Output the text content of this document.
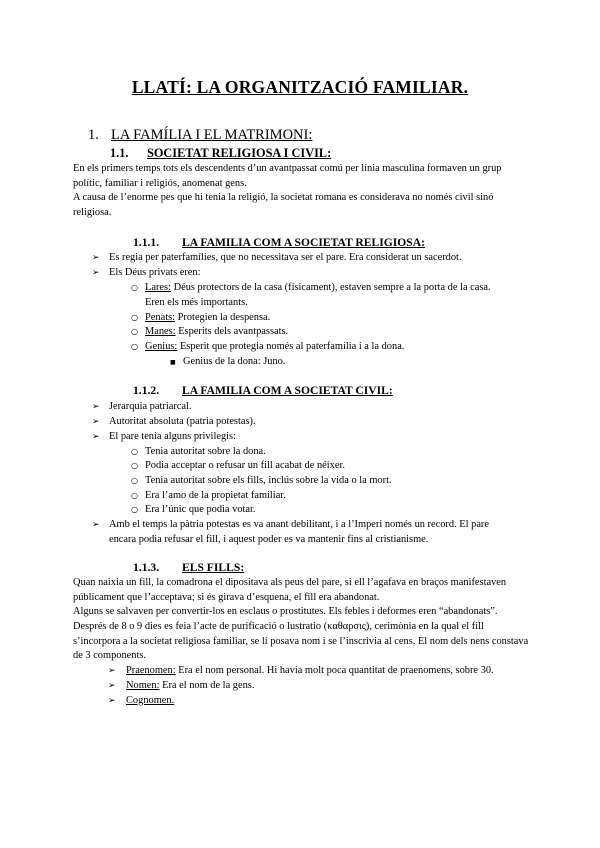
LLATÍ: LA ORGANITZACIÓ FAMILIAR.
1. LA FAMÍLIA I EL MATRIMONI:
1.1. SOCIETAT RELIGIOSA I CIVIL:
En els primers temps tots els descendents d’un avantpassat comú per línia masculina formaven un grup polític, familiar i religiós, anomenat gens.
A causa de l’enorme pes que hi tenia la religió, la societat romana es considerava no només civil sinó religiosa.
1.1.1. LA FAMILIA COM A SOCIETAT RELIGIOSA:
➢ Es regia per paterfamílies, que no necessitava ser el pare. Era considerat un sacerdot.
➢ Els Déus privats eren:
○ Lares: Déus protectors de la casa (físicament), estaven sempre a la porta de la casa.
Eren els més importants.
○ Penats: Protegien la despensa.
○ Manes: Esperits dels avantpassats.
○ Genius: Esperit que protegia només al paterfamília i a la dona.
■ Genius de la dona: Juno.
1.1.2. LA FAMILIA COM A SOCIETAT CIVIL:
➢ Jerarquia patriarcal.
➢ Autoritat absoluta (patria potestas).
➢ El pare tenia alguns privilegis:
○ Tenia autoritat sobre la dona.
○ Podia acceptar o refusar un fill acabat de néixer.
○ Tenia autoritat sobre els fills, inclús sobre la vida o la mort.
○ Era l’amo de la propietat familiar.
○ Era l’únic que podia votar.
➢ Amb el temps la pàtria potestas es va anant debilitant, i a l’Imperi només un record. El pare
encara podia refusar el fill, i aquest poder es va mantenir fins al cristianisme.
1.1.3. ELS FILLS:
Quan naixia un fill, la comadrona el dipositava als peus del pare, si ell l’agafava en braços manifestaven públicament que l’acceptava; si és girava d’esquena, el fill era abandonat.
Alguns se salvaven per convertir-los en esclaus o prostitutes. Els febles i deformes eren “abandonats”.
Després de 8 o 9 dies es feia l’acte de purificació o lustratio (καθαρσις), cerimònia en la qual el fill s’incorpora a la societat religiosa familiar, se li posava nom i se l’inscrivia al cens. El nom dels nens constava de 3 components.
➢ Praenomen: Era el nom personal. Hi havia molt poca quantitat de praenomens, sobre 30.
➢ Nomen: Era el nom de la gens.
➢ Cognomen.
